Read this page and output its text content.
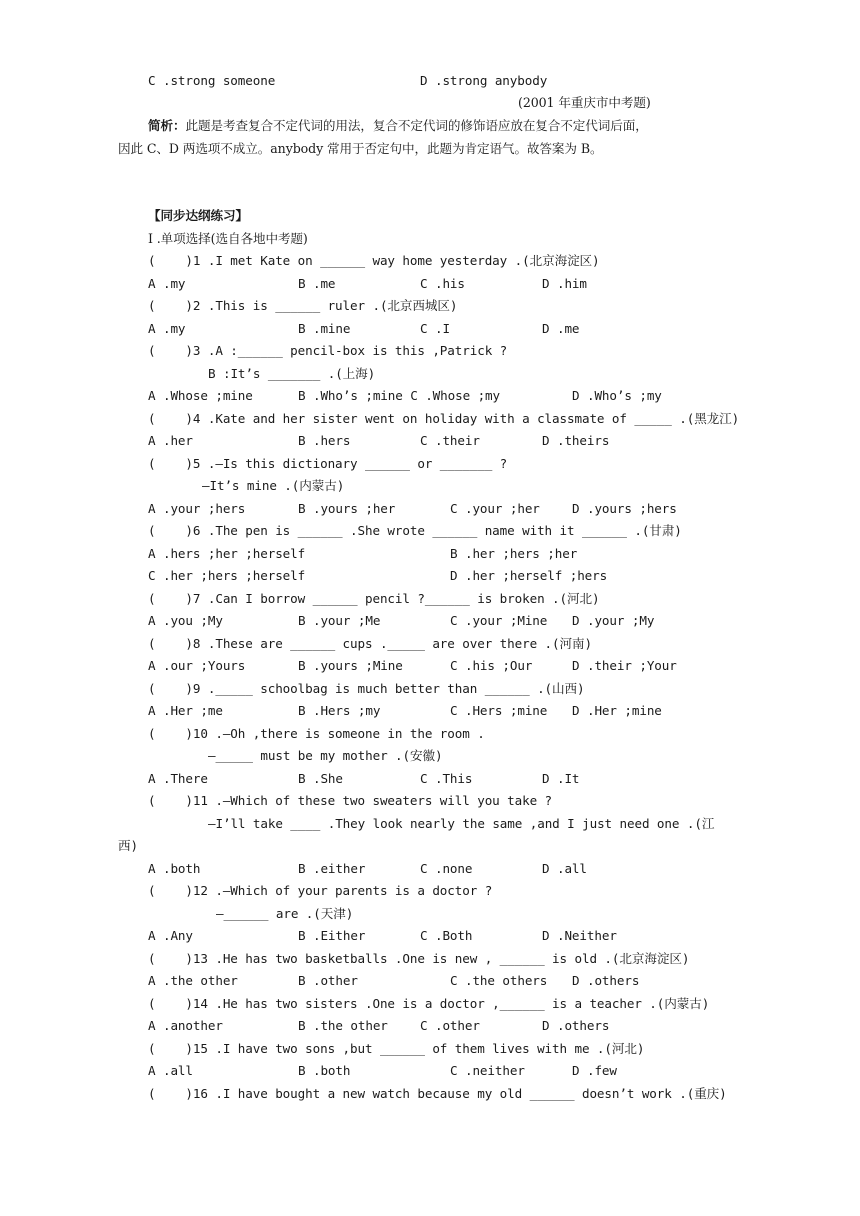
C .strong someone	D .strong anybody
(2001 年重庆市中考题)
简析：此题是考查复合不定代词的用法，复合不定代词的修饰语应放在复合不定代词后面，
因此 C、D 两选项不成立。anybody 常用于否定句中，此题为肯定语气。故答案为 B。
【同步达纲练习】
Ⅰ .单项选择(选自各地中考题)
(    )1 .I met Kate on ______ way home yesterday .(北京海淀区)
A .my	B .me	C .his	D .him
(    )2 .This is ______ ruler .(北京西城区)
A .my	B .mine	C .I	D .me
(    )3 .A :______ pencil-box is this ,Patrick ?
B :It’s _______ .(上海)
A .Whose ;mine	B .Who’s ;mine C .Whose ;my	D .Who’s ;my
(    )4 .Kate and her sister went on holiday with a classmate of _____ .(黑龙江)
A .her	B .hers	C .their	D .theirs
(    )5 .—Is this dictionary ______ or _______ ?
—It’s mine .(内蒙古)
A .your ;hers	B .yours ;her	C .your ;her	D .yours ;hers
(    )6 .The pen is ______ .She wrote ______ name with it ______ .(甘肃)
A .hers ;her ;herself	B .her ;hers ;her
C .her ;hers ;herself	D .her ;herself ;hers
(    )7 .Can I borrow ______ pencil ?______ is broken .(河北)
A .you ;My	B .your ;Me	C .your ;Mine D .your ;My
(    )8 .These are ______ cups ._____ are over there .(河南)
A .our ;Yours	B .yours ;Mine	C .his ;Our	D .their ;Your
(    )9 ._____ schoolbag is much better than ______ .(山西)
A .Her ;me	B .Hers ;my	C .Hers ;mine D .Her ;mine
(    )10 .—Oh ,there is someone in the room .
—_____ must be my mother .(安徽)
A .There	B .She	C .This	D .It
(    )11 .—Which of these two sweaters will you take ?
—I’ll take ____ .They look nearly the same ,and I just need one .(江
西)
A .both	B .either	C .none	D .all
(    )12 .—Which of your parents is a doctor ?
—______ are .(天津)
A .Any	B .Either	C .Both	D .Neither
(    )13 .He has two basketballs .One is new , ______ is old .(北京海淀区)
A .the other	B .other	C .the others D .others
(    )14 .He has two sisters .One is a doctor ,______ is a teacher .(内蒙古)
A .another	B .the other	C .other	D .others
(    )15 .I have two sons ,but ______ of them lives with me .(河北)
A .all	B .both	C .neither	D .few
(    )16 .I have bought a new watch because my old ______ doesn’t work .(重庆)
